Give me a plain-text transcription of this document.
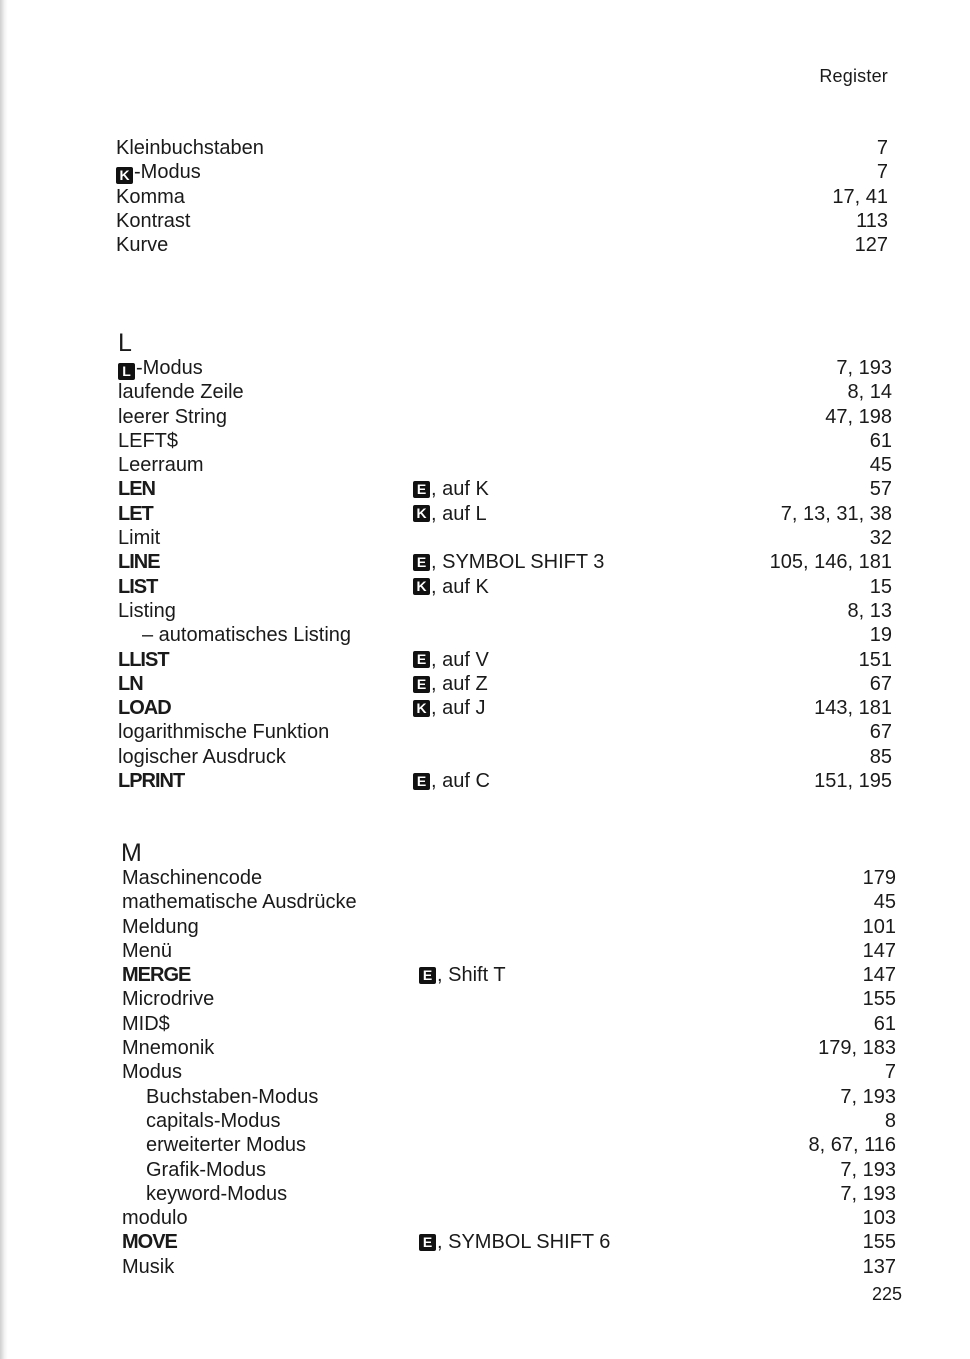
Register
Kleinbuchstaben	7
K -Modus	7
Komma	17, 41
Kontrast	113
Kurve	127
L
L -Modus	7, 193
laufende Zeile	8, 14
leerer String	47, 198
LEFT$	61
Leerraum	45
LEN	E , auf K	57
LET	K , auf L	7, 13, 31, 38
Limit	32
LINE	E , SYMBOL SHIFT 3	105, 146, 181
LIST	K , auf K	15
Listing	8, 13
– automatisches Listing	19
LLIST	E , auf V	151
LN	E , auf Z	67
LOAD	K , auf J	143, 181
logarithmische Funktion	67
logischer Ausdruck	85
LPRINT	E , auf C	151, 195
M
Maschinencode	179
mathematische Ausdrücke	45
Meldung	101
Menü	147
MERGE	E , Shift T	147
Microdrive	155
MID$	61
Mnemonik	179, 183
Modus	7
Buchstaben-Modus	7, 193
capitals-Modus	8
erweiterter Modus	8, 67, 116
Grafik-Modus	7, 193
keyword-Modus	7, 193
modulo	103
MOVE	E , SYMBOL SHIFT 6	155
Musik	137
225
